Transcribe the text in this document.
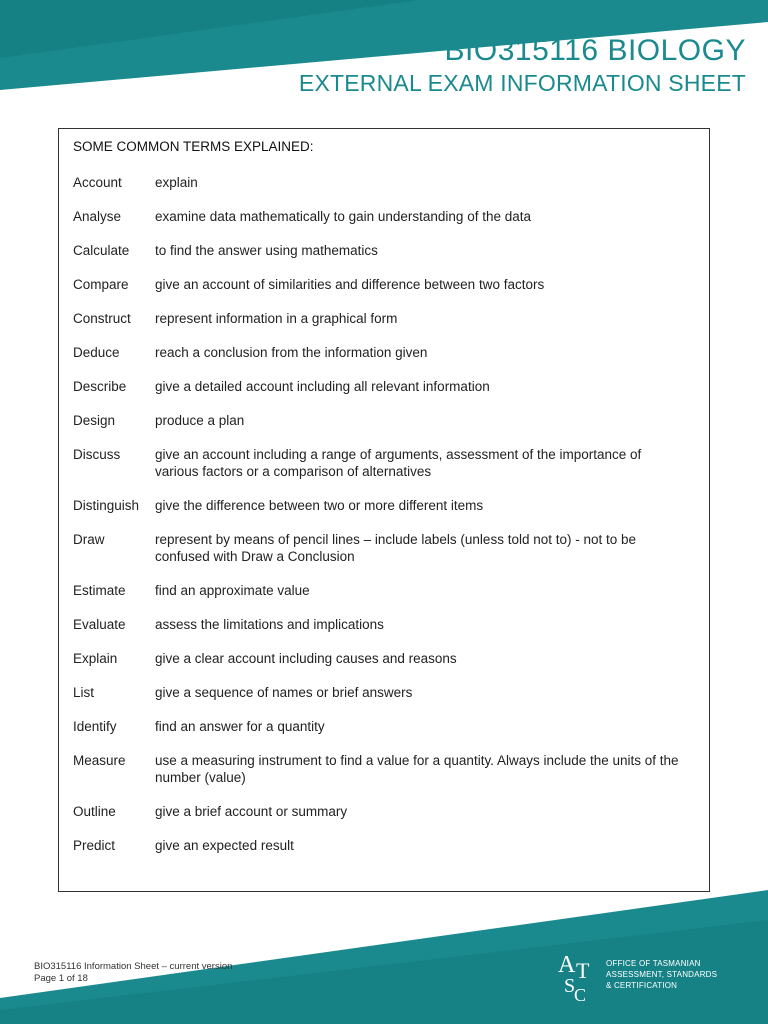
BIO315116 BIOLOGY
EXTERNAL EXAM INFORMATION SHEET
SOME COMMON TERMS EXPLAINED:
Account	explain
Analyse	examine data mathematically to gain understanding of the data
Calculate	to find the answer using mathematics
Compare	give an account of similarities and difference between two factors
Construct	represent information in a graphical form
Deduce	reach a conclusion from the information given
Describe	give a detailed account including all relevant information
Design	produce a plan
Discuss	give an account including a range of arguments, assessment of the importance of various factors or a comparison of alternatives
Distinguish	give the difference between two or more different items
Draw	represent by means of pencil lines – include labels (unless told not to) - not to be confused with Draw a Conclusion
Estimate	find an approximate value
Evaluate	assess the limitations and implications
Explain	give a clear account including causes and reasons
List	give a sequence of names or brief answers
Identify	find an answer for a quantity
Measure	use a measuring instrument to find a value for a quantity. Always include the units of the number (value)
Outline	give a brief account or summary
Predict	give an expected result
BIO315116 Information Sheet – current version
Page 1 of 18
A T
S
C
OFFICE OF TASMANIAN
ASSESSMENT, STANDARDS
& CERTIFICATION
